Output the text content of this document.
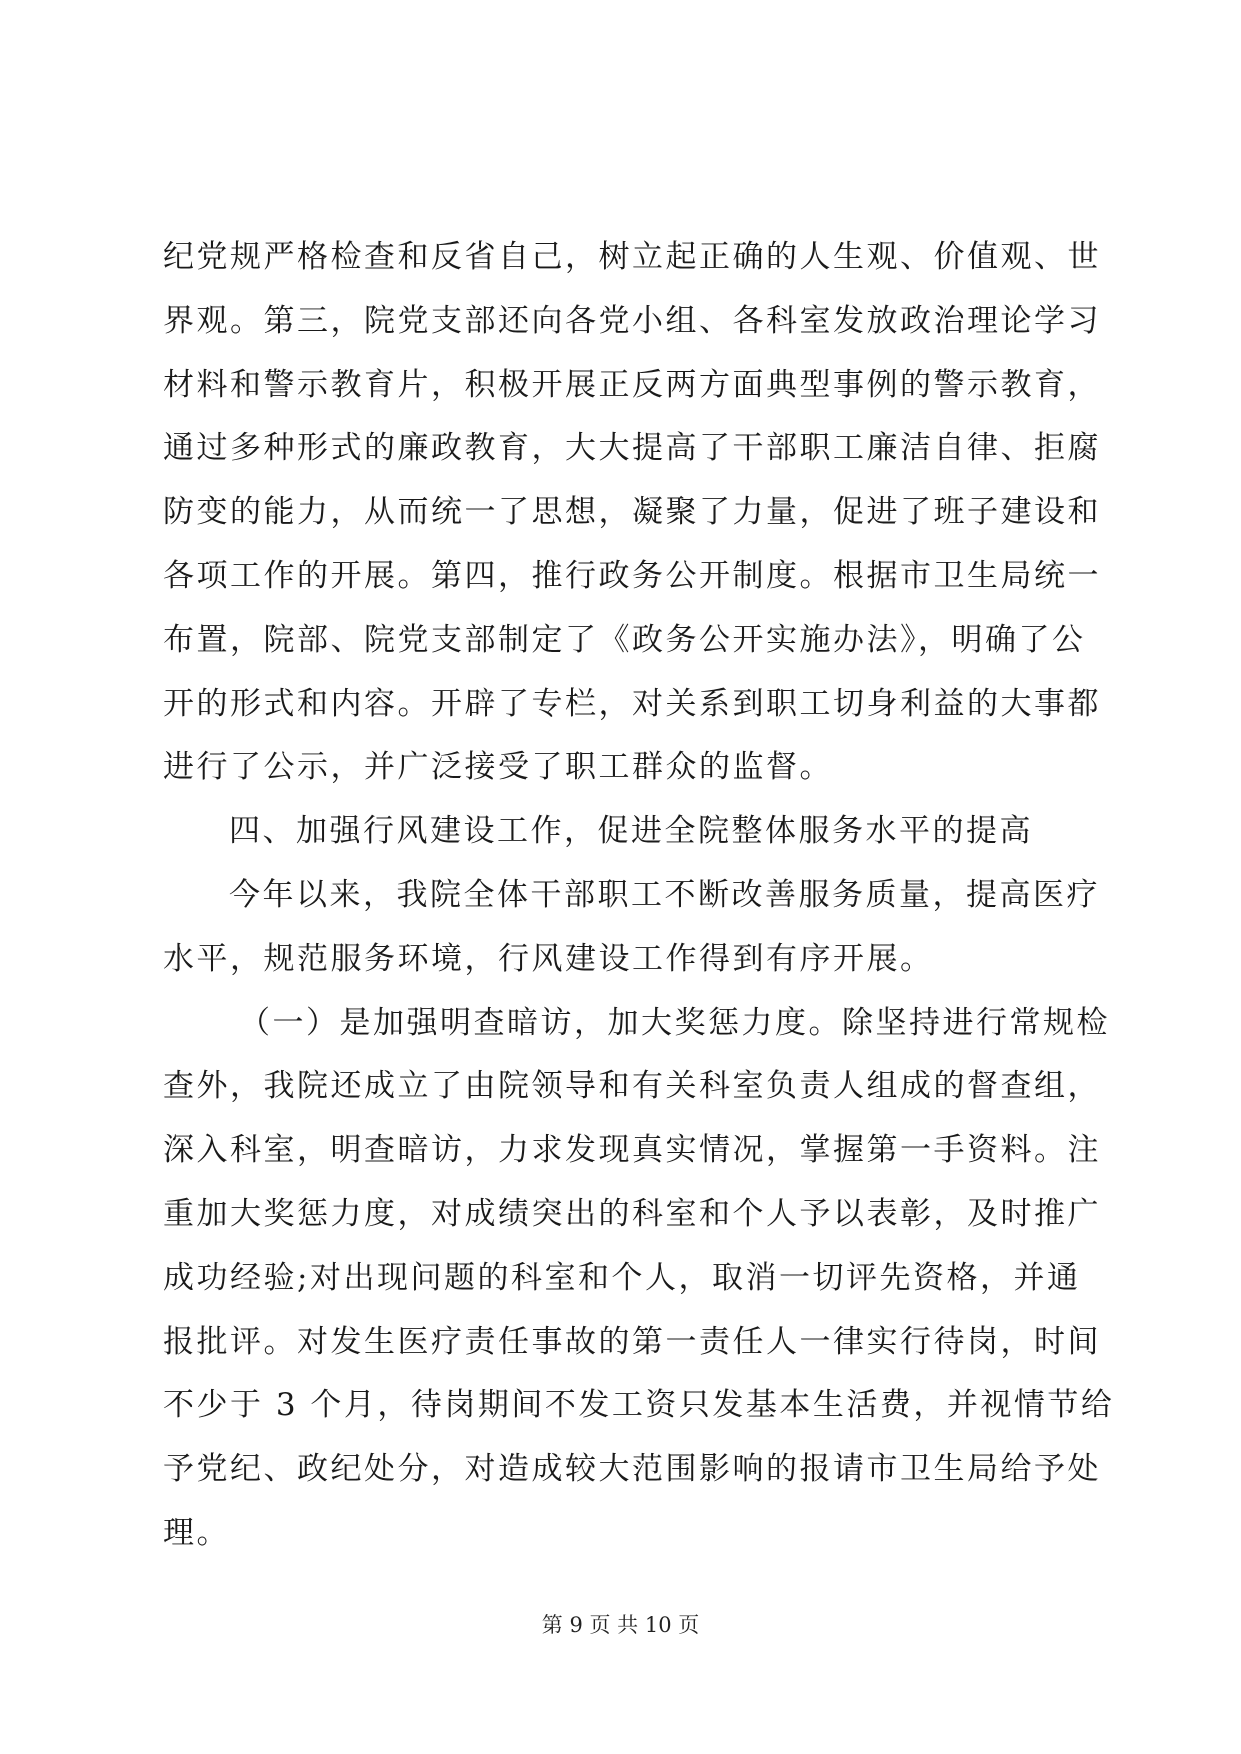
纪党规严格检查和反省自己，树立起正确的人生观、价值观、世
界观。第三，院党支部还向各党小组、各科室发放政治理论学习
材料和警示教育片，积极开展正反两方面典型事例的警示教育，
通过多种形式的廉政教育，大大提高了干部职工廉洁自律、拒腐
防变的能力，从而统一了思想，凝聚了力量，促进了班子建设和
各项工作的开展。第四，推行政务公开制度。根据市卫生局统一
布置，院部、院党支部制定了《政务公开实施办法》，明确了公
开的形式和内容。开辟了专栏，对关系到职工切身利益的大事都
进行了公示，并广泛接受了职工群众的监督。
四、加强行风建设工作，促进全院整体服务水平的提高
今年以来，我院全体干部职工不断改善服务质量，提高医疗
水平，规范服务环境，行风建设工作得到有序开展。
（一）是加强明查暗访，加大奖惩力度。除坚持进行常规检
查外，我院还成立了由院领导和有关科室负责人组成的督查组，
深入科室，明查暗访，力求发现真实情况，掌握第一手资料。注
重加大奖惩力度，对成绩突出的科室和个人予以表彰，及时推广
成功经验;对出现问题的科室和个人，取消一切评先资格，并通
报批评。对发生医疗责任事故的第一责任人一律实行待岗，时间
不少于 3 个月，待岗期间不发工资只发基本生活费，并视情节给
予党纪、政纪处分，对造成较大范围影响的报请市卫生局给予处
理。
第 9 页 共 10 页
